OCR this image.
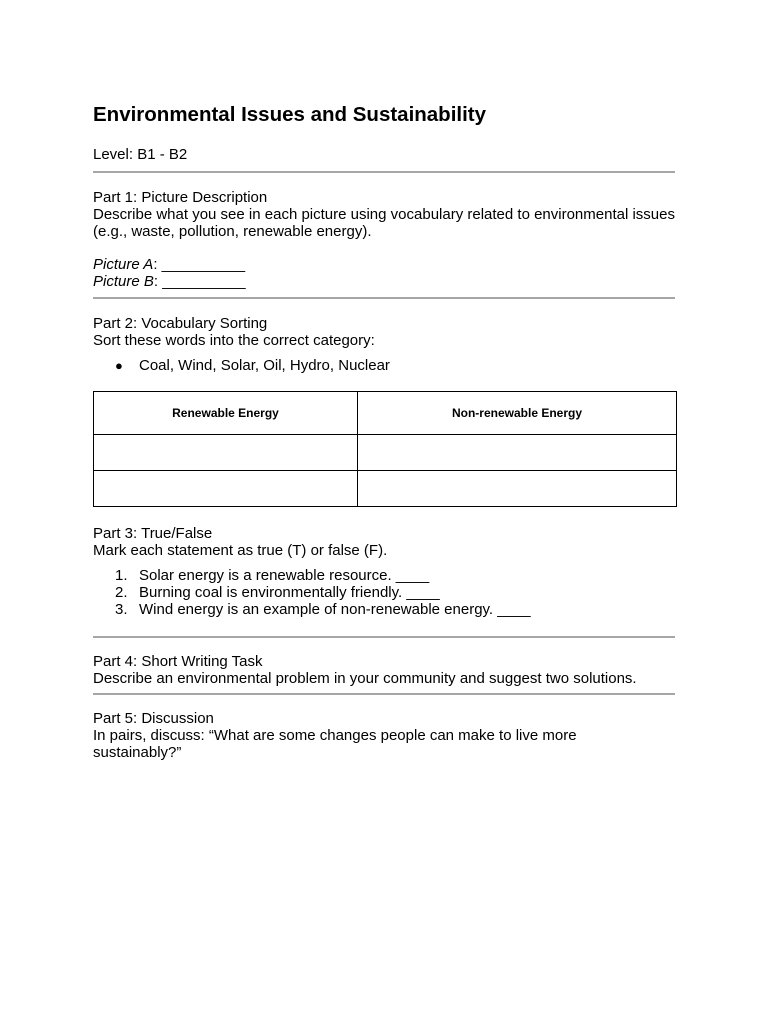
Environmental Issues and Sustainability
Level: B1 - B2
Part 1: Picture Description
Describe what you see in each picture using vocabulary related to environmental issues (e.g., waste, pollution, renewable energy).
Picture A: __________
Picture B: __________
Part 2: Vocabulary Sorting
Sort these words into the correct category:
● Coal, Wind, Solar, Oil, Hydro, Nuclear
Renewable Energy	Non-renewable Energy

Part 3: True/False
Mark each statement as true (T) or false (F).
1. Solar energy is a renewable resource. ____
2. Burning coal is environmentally friendly. ____
3. Wind energy is an example of non-renewable energy. ____
Part 4: Short Writing Task
Describe an environmental problem in your community and suggest two solutions.
Part 5: Discussion
In pairs, discuss: “What are some changes people can make to live more sustainably?”
